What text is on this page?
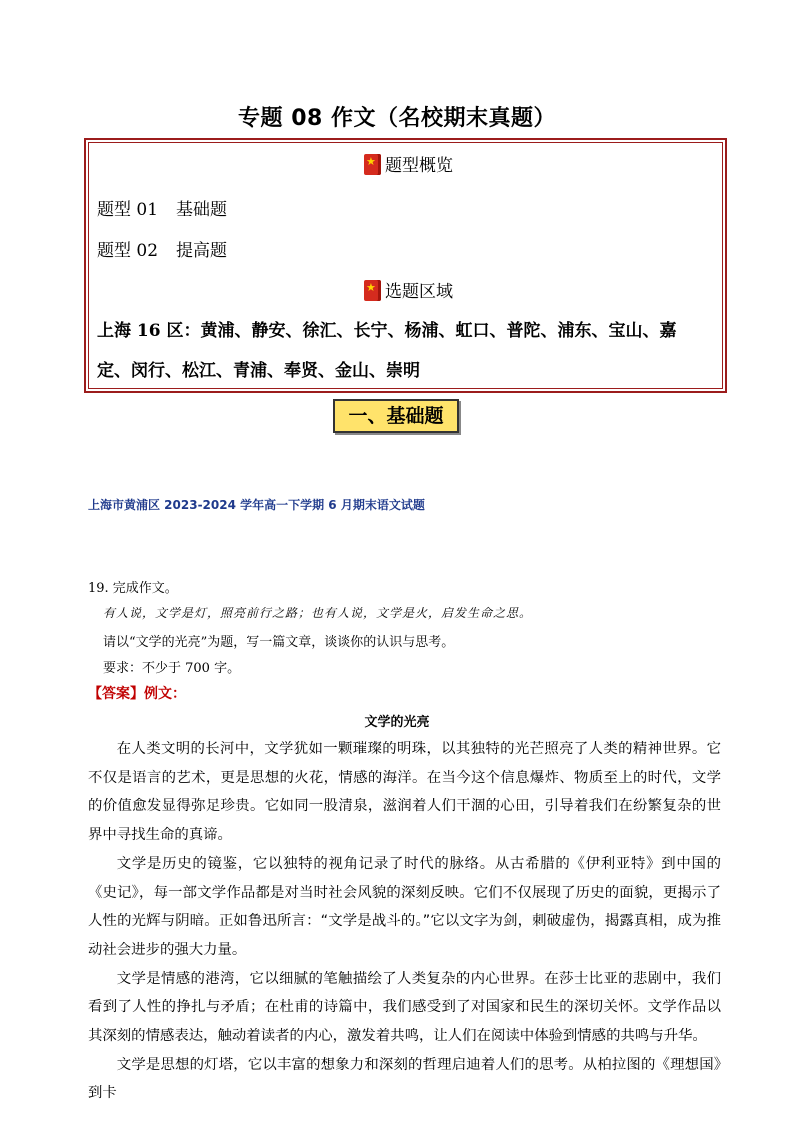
专题 08 作文（名校期末真题）
★题型概览
题型 01 基础题
题型 02 提高题
★选题区域
上海 16 区：黄浦、静安、徐汇、长宁、杨浦、虹口、普陀、浦东、宝山、嘉
定、闵行、松江、青浦、奉贤、金山、崇明
一、基础题
上海市黄浦区 2023-2024 学年高一下学期 6 月期末语文试题
19. 完成作文。
有人说，文学是灯，照亮前行之路；也有人说，文学是火，启发生命之思。
请以“文学的光亮”为题，写一篇文章，谈谈你的认识与思考。
要求：不少于 700 字。
【答案】例文：
文学的光亮

在人类文明的长河中，文学犹如一颗璀璨的明珠，以其独特的光芒照亮了人类的精神世界。它不仅是语言的艺术，更是思想的火花，情感的海洋。在当今这个信息爆炸、物质至上的时代，文学的价值愈发显得弥足珍贵。它如同一股清泉，滋润着人们干涸的心田，引导着我们在纷繁复杂的世界中寻找生命的真谛。

文学是历史的镜鉴，它以独特的视角记录了时代的脉络。从古希腊的《伊利亚特》到中国的《史记》，每一部文学作品都是对当时社会风貌的深刻反映。它们不仅展现了历史的面貌，更揭示了人性的光辉与阴暗。正如鲁迅所言：“文学是战斗的。”它以文字为剑，刺破虚伪，揭露真相，成为推动社会进步的强大力量。

文学是情感的港湾，它以细腻的笔触描绘了人类复杂的内心世界。在莎士比亚的悲剧中，我们看到了人性的挣扎与矛盾；在杜甫的诗篇中，我们感受到了对国家和民生的深切关怀。文学作品以其深刻的情感表达，触动着读者的内心，激发着共鸣，让人们在阅读中体验到情感的共鸣与升华。

文学是思想的灯塔，它以丰富的想象力和深刻的哲理启迪着人们的思考。从柏拉图的《理想国》到卡
